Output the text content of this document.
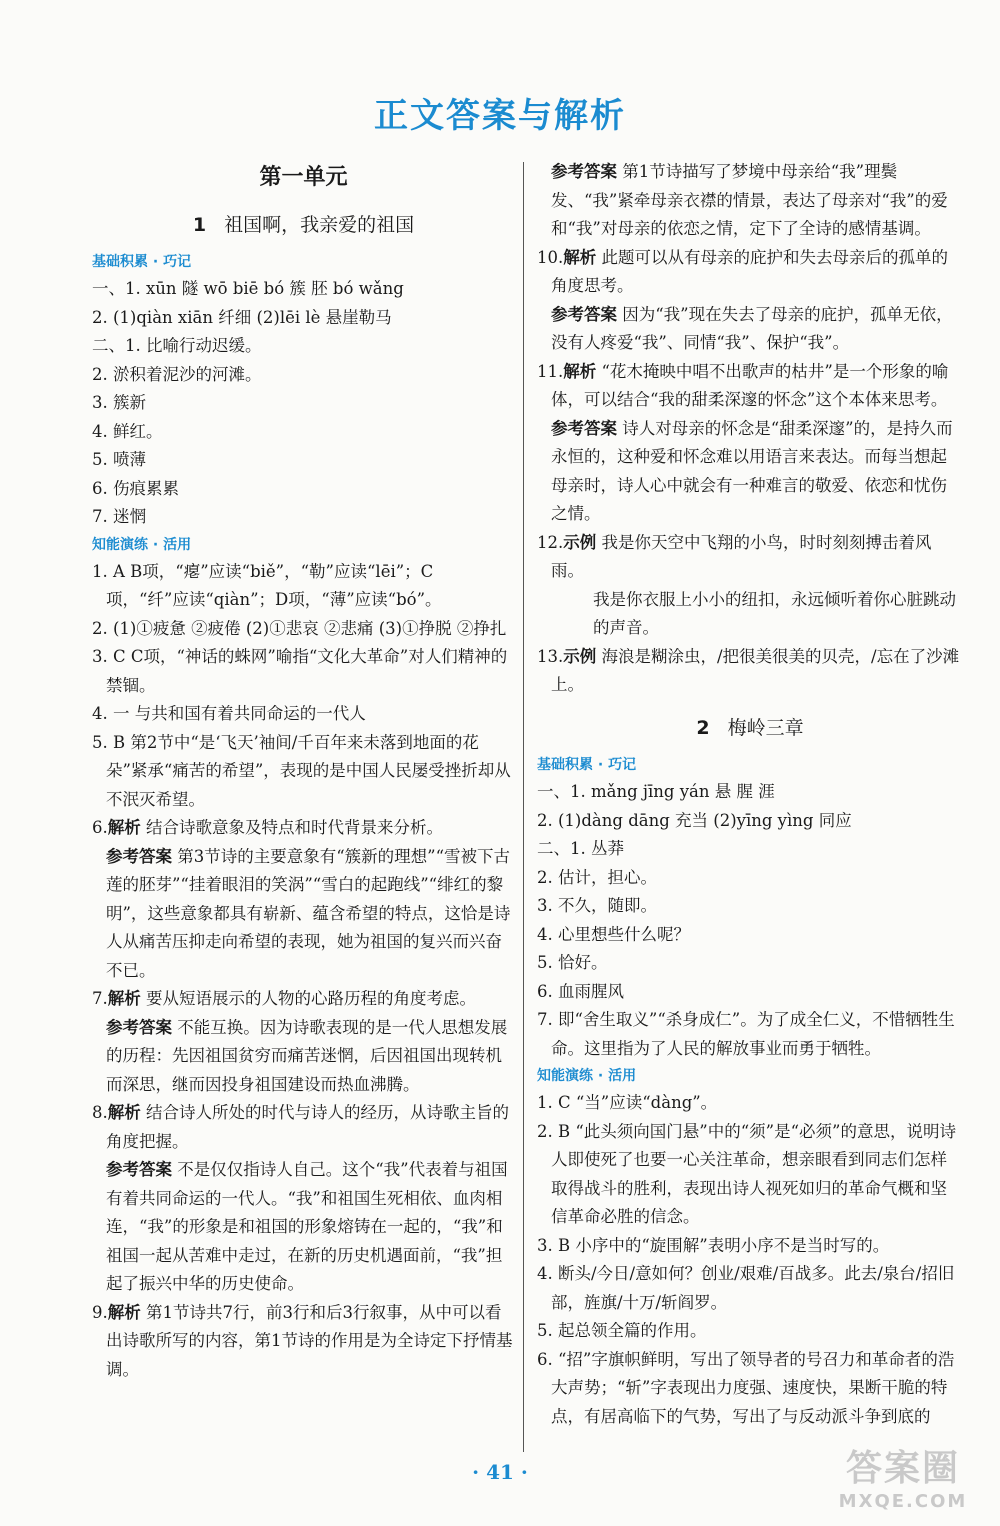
正文答案与解析
第一单元
1 祖国啊，我亲爱的祖国
基础积累 · 巧记
一、1. xūn 隧 wō biē bó 簇 胚 bó wǎng
2. (1)qiàn xiān 纤细 (2)lēi lè 悬崖勒马
二、1. 比喻行动迟缓。
2. 淤积着泥沙的河滩。
3. 簇新
4. 鲜红。
5. 喷薄
6. 伤痕累累
7. 迷惘
知能演练 · 活用
1. A B项，“瘪”应读“biě”，“勒”应读“lēi”；C项，“纤”应读“qiàn”；D项，“薄”应读“bó”。
2. (1)①疲惫 ②疲倦 (2)①悲哀 ②悲痛 (3)①挣脱 ②挣扎
3. C C项，“神话的蛛网”喻指“文化大革命”对人们精神的禁锢。
4. 一 与共和国有着共同命运的一代人
5. B 第2节中“是‘飞天’袖间/千百年来未落到地面的花朵”紧承“痛苦的希望”，表现的是中国人民屡受挫折却从不泯灭希望。
6.解析 结合诗歌意象及特点和时代背景来分析。
参考答案 第3节诗的主要意象有“簇新的理想”“雪被下古莲的胚芽”“挂着眼泪的笑涡”“雪白的起跑线”“绯红的黎明”，这些意象都具有崭新、蕴含希望的特点，这恰是诗人从痛苦压抑走向希望的表现，她为祖国的复兴而兴奋不已。
7.解析 要从短语展示的人物的心路历程的角度考虑。
参考答案 不能互换。因为诗歌表现的是一代人思想发展的历程：先因祖国贫穷而痛苦迷惘，后因祖国出现转机而深思，继而因投身祖国建设而热血沸腾。
8.解析 结合诗人所处的时代与诗人的经历，从诗歌主旨的角度把握。
参考答案 不是仅仅指诗人自己。这个“我”代表着与祖国有着共同命运的一代人。“我”和祖国生死相依、血肉相连，“我”的形象是和祖国的形象熔铸在一起的，“我”和祖国一起从苦难中走过，在新的历史机遇面前，“我”担起了振兴中华的历史使命。
9.解析 第1节诗共7行，前3行和后3行叙事，从中可以看出诗歌所写的内容，第1节诗的作用是为全诗定下抒情基调。
参考答案 第1节诗描写了梦境中母亲给“我”理鬓发、“我”紧牵母亲衣襟的情景，表达了母亲对“我”的爱和“我”对母亲的依恋之情，定下了全诗的感情基调。
10.解析 此题可以从有母亲的庇护和失去母亲后的孤单的角度思考。
参考答案 因为“我”现在失去了母亲的庇护，孤单无依，没有人疼爱“我”、同情“我”、保护“我”。
11.解析 “花木掩映中唱不出歌声的枯井”是一个形象的喻体，可以结合“我的甜柔深邃的怀念”这个本体来思考。
参考答案 诗人对母亲的怀念是“甜柔深邃”的，是持久而永恒的，这种爱和怀念难以用语言来表达。而每当想起母亲时，诗人心中就会有一种难言的敬爱、依恋和忧伤之情。
12.示例 我是你天空中飞翔的小鸟，时时刻刻搏击着风雨。
我是你衣服上小小的纽扣，永远倾听着你心脏跳动的声音。
13.示例 海浪是糊涂虫，/把很美很美的贝壳，/忘在了沙滩上。
2 梅岭三章
基础积累 · 巧记
一、1. mǎng jīng yán 悬 腥 涯
2. (1)dàng dāng 充当 (2)yīng yìng 同应
二、1. 丛莽
2. 估计，担心。
3. 不久，随即。
4. 心里想些什么呢？
5. 恰好。
6. 血雨腥风
7. 即“舍生取义”“杀身成仁”。为了成全仁义，不惜牺牲生命。这里指为了人民的解放事业而勇于牺牲。
知能演练 · 活用
1. C “当”应读“dàng”。
2. B “此头须向国门悬”中的“须”是“必须”的意思，说明诗人即使死了也要一心关注革命，想亲眼看到同志们怎样取得战斗的胜利，表现出诗人视死如归的革命气概和坚信革命必胜的信念。
3. B 小序中的“旋围解”表明小序不是当时写的。
4. 断头/今日/意如何？创业/艰难/百战多。此去/泉台/招旧部，旌旗/十万/斩阎罗。
5. 起总领全篇的作用。
6. “招”字旗帜鲜明，写出了领导者的号召力和革命者的浩大声势；“斩”字表现出力度强、速度快，果断干脆的特点，有居高临下的气势，写出了与反动派斗争到底的
· 41 ·	答案圈
MXQE.COM
